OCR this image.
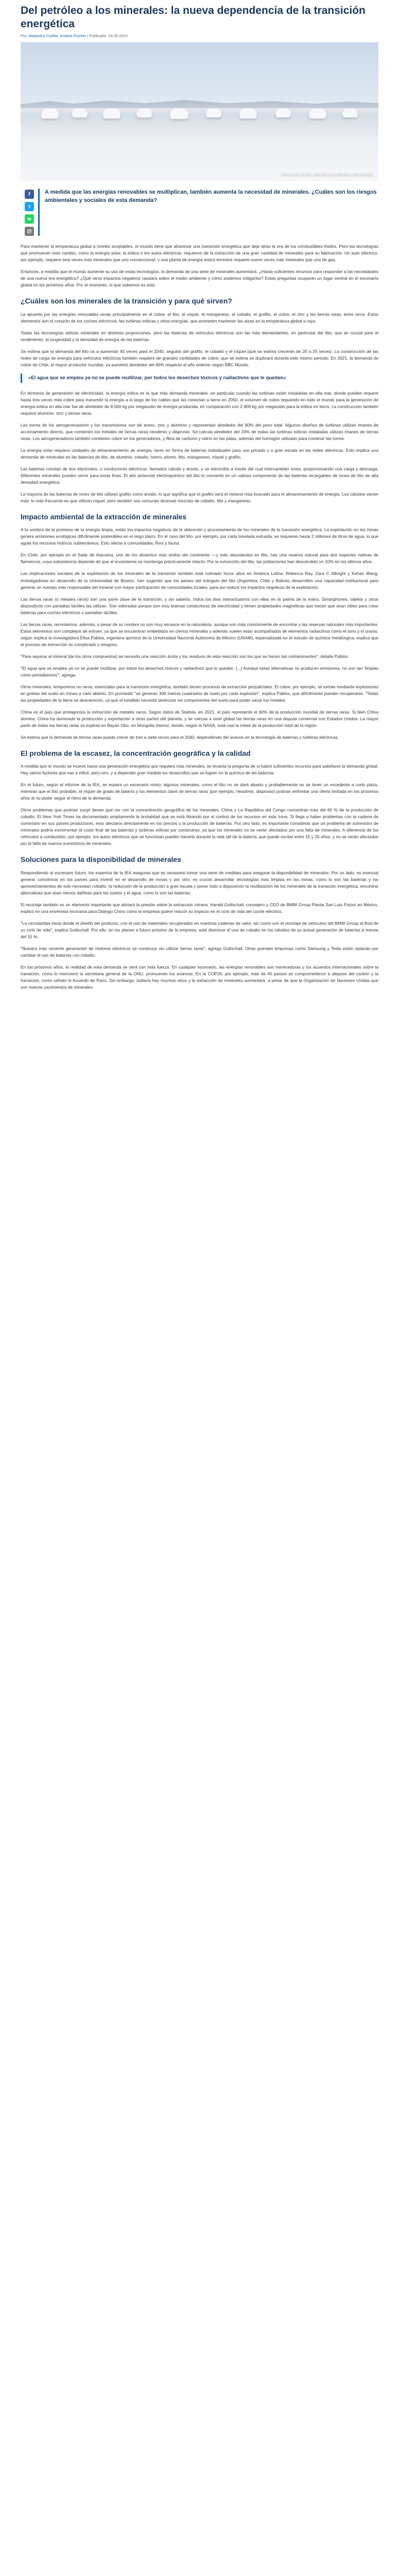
Del petróleo a los minerales: la nueva dependencia de la transición energética
Por: Alejandra Cuellar, Andrea Fischer | Publicado: 28.06.2023
Producción de litio, salar de Uyuni (Bolivia) / Shutterstock
f
t
w
@
A medida que las energías renovables se multiplican, también aumenta la necesidad de minerales. ¿Cuáles son los riesgos ambientales y sociales de esta demanda?

Para mantener la temperatura global a niveles aceptables, el mundo tiene que atravesar una transición energética que deje atrás la era de los combustibles fósiles. Pero las tecnologías que promueven este cambio, como la energía solar, la eólica o los autos eléctricos, requieren de la extracción de una gran cantidad de minerales para su fabricación. Un auto eléctrico, por ejemplo, requiere seis veces más minerales que uno convencional, y una planta de energía eólica terrestre requiere nueve veces más minerales que una de gas.

Entonces, a medida que el mundo aumente su uso de estas tecnologías, la demanda de una serie de minerales aumentará. ¿Hasta suficientes recursos para responder a las necesidades de una nueva era energética? ¿Qué otros impactos negativos causará sobre el medio ambiente y cómo podemos mitigarlos? Estas preguntas ocuparán un lugar central en el escenario global en los próximos años. Por el momento, lo que sabemos es esto.

¿Cuáles son los minerales de la transición y para qué sirven?

La apuesta por las energías renovables recae principalmente en el cobre, el litio, el níquel, el manganeso, el cobalto, el grafito, el cobre, el zinc y las tierras raras, entre otros. Estos elementos son el corazón de los coches eléctricos, las turbinas eólicas y otras energías, que prometen mantener las alzas en la temperatura global a raya.

Todas las tecnologías utilizan minerales en distintas proporciones, pero las baterías de vehículos eléctricos son las más demandantes, en particular del litio, que se crucial para el rendimiento, la longevidad y la densidad de energía de las baterías.

Se estima que la demanda del litio va a aumentar 40 veces para el 2040, seguido del grafito, el cobalto y el níquel (que se estima crecerán de 20 a 25 veces). La construcción de las redes de carga de energía para vehículos eléctricos también requiere de grandes cantidades de cobre, que se estima se duplicará durante este mismo periodo. En 2021, la demanda de cobre de Chile, el mayor productor mundial, ya aumentó alrededor del 80% respecto al año anterior según BBC Mundo.

«El agua que se emplea ya no se puede reutilizar, por todos los desechos tóxicos y radiactivos que le quedan»

En términos de generación de electricidad, la energía eólica es la que más demanda minerales, en particular cuando las turbinas están instaladas en alta mar, donde pueden requerir hasta tres veces más cobre para transmitir la energía a lo largo de los cables que las conectan a tierra en 2050, el volumen de cobre requerido en todo el mundo para la generación de energía eólica en alta mar fue de alrededor de 8.500 kg por megavatio de energía producida, en comparación con 2.900 kg por megavatio para la eólica en tierra. La construcción también requiere aluminio, zinc y tierras raras.

Las torres de los aerogeneradores y los transmisores son de acero, zinc y aluminio y representan alrededor del 80% del peso total. Algunos diseños de turbinas utilizan imanes de accionamiento directo, que contienen los metales de tierras raras neodimio y disprosio. Se calcula alrededor del 20% de todas las turbinas eólicas instaladas utilizan imanes de tierras raras. Los aerogeneradores también contienen cobre en los generadores, y fibra de carbono y vidrio en las palas, además del hormigón utilizado para construir las torres.

La energía solar requiere unidades de almacenamiento de energía, tanto en forma de baterías individuales para uso privado y a gran escala en las redes eléctricas. Esto implica una demanda de minerales en las baterías de litio, de aluminio, cobalto, hierro, plomo, litio, manganeso, níquel y grafito.

Las baterías constan de dos electrodos, o conductores eléctricos, llamados cátodo y ánodo, y un electrolito a través del cual intercambian iones, proporcionando una carga y descarga. Diferentes minerales pueden servir para estas fines. El alto potencial electroquímico del litio lo convierte en un valioso componente de las baterías recargables de iones de litio de alta densidad energética.

La mayoría de las baterías de iones de litio utilizan grafito como ánodo, lo que significa que el grafito será el mineral más buscado para el almacenamiento de energía. Los cátodos varían más: lo más frecuente es que utilicen níquel, pero también son comunes diversas mezclas de cobalto, litio y manganeso.

Impacto ambiental de la extracción de minerales

A la sombra de la promesa de la energía limpia, están los impactos negativos de la obtención y procesamiento de los minerales de la transición energética. La explotación en las minas genera emisiones ecológicas difícilmente sostenibles en el largo plazo. En el caso del litio, por ejemplo, por cada tonelada extraída, se requieren hasta 2 millones de litros de agua, lo que agota los recursos hídricos subterráneos. Esto afecta a comunidades, flora y fauna.

En Chile, por ejemplo en el Salar de Atacama, uno de los desiertos más áridos del continente —y más abundantes en litio, hay una reserva natural para dos especies nativas de flamencos, cuya subsistencia depende de que el ecosistema se mantenga prácticamente intacto. Por la extracción del litio, las poblaciones han descendido un 10% en los últimos años.

Las implicaciones sociales de la explotación de los minerales de la transición también está colmado focos altos en América Latina. Rebecca Ray, Zara C Albright y Kehan Wang, investigadoras en desarrollo de la Universidad de Boston, han sugerido que los países del triángulo del litio (Argentina, Chile y Bolivia) desarrollen una capacidad institucional para generar un manejo más responsable del mineral con mayor participación de comunidades locales, para así reducir los impactos negativos de la explotación.

Las tierras raras (o metales raros) son una parte clave de la transición, y sin saberlo, todos los días interactuamos con ellas en la palma de la mano. Smartphones, tablets y otros dispositivos con pantallas táctiles las utilizan. Son valoradas porque son muy buenas conductoras de electricidad y tienen propiedades magnéticas que hacen que sean útiles para crear baterías para coches eléctricos o pantallas táctiles.

Las tierras raras, recordemos, además, a pesar de su nombre no son muy escasos en la naturaleza, aunque son más comúnmente de encontrar y las reservas naturales más importantes. Estos elementos son complejos de extraer, ya que se encuentran embebidos en ciertos minerales y además suelen estar acompañados de elementos radiactivos como el torio y el uranio, según explica la investigadora Elisa Pablos, ingeniera química de la Universidad Nacional Autónoma de México (UNAM), especializada en el estudio de química metalúrgica, explica que el proceso de extracción es complicado y riesgoso.

"Para separar al mineral [de los otros compuestos] se necesita una reacción ácida y los residuos de esta reacción son los que se hacen tan contaminantes", detalla Pablos.

"El agua que se emplea ya no se puede reutilizar, por todos los desechos tóxicos y radiactivos que le quedan. [...] Aunque estas alternativas no producen emisiones, no son tan 'limpias como pensábamos'", agrega.

Otros minerales, temporeros no raros, esenciales para la transición energética, también tienen procesos de extracción perjudiciales. El cobre, por ejemplo, se extrae mediante explosiones en grietas del suelo en minas a cielo abierto. En promedio "se generan 300 metros cuadrados de suelo por cada explosión", explica Pablos, que difícilmente pueden recuperarse. "Todas las propiedades de la tierra se desvanecen, ya que el estallido necesita destrozar los componentes del suelo para poder sacar los metales.

China es el país que protagoniza la extracción de metales raros. Según datos de Statista, en 2021, el país representó el 60% de la producción mundial de tierras raras. Si bien China domina, China ha dominado la producción y exportación a otras partes del planeta, y se calcula a nivel global las tierras raras en una disputa comercial con Estados Unidos. La mayor parte de todas las tierras raras se explota en Bayan Obo, en Mongolia Interior, donde, según la NASA, está casi la mitad de la producción total de la región.

Se estima que la demanda de tierras raras puede crecer de tres a siete veces para el 2040, dependiendo del avance en la tecnología de baterías y turbinas eléctricas.

El problema de la escasez, la concentración geográfica y la calidad

A medida que el mundo se mueve hacia una generación energética que requiere más minerales, se levanta la pregunta de si habrá suficientes recursos para satisfacer la demanda global. Hay varios factores que van a influir, pero uno, y a depender gran medida los desarrollos que se logren en la química de las baterías.

En el futuro, según el informe de la IEA, se espera un escenario mixto: algunos minerales, como el litio no se dará abasto y probablemente no se tener un excedente a corto plazo, mientras que el litio probable, el níquel de grado de batería y los elementos clave de tierras raras (por ejemplo, neodimio, disprosio) podrían enfrentar una oferta limitada en los próximos años al no poder seguir el ritmo de la demanda.

Otros problemas que podrían surgir tienen que ver con la concentración geográfica de los minerales. China y La República del Congo concentran más del 60 % de la producción de cobalto, El New York Times ha documentado ampliamente la brutalidad que se está librando por el control de los recursos en esta zona. Si llega a haber problemas con la cadena de suministro en sus países productores, esto afectaría directamente en los precios y la producción de baterías. Por otro lado, es importante considerar que un problema de suministro de minerales podría incrementar el costo final de las baterías y turbinas eólicas por construirse, ya que los minerales no se verán afectados por una falta de minerales. A diferencia de los vehículos a combustión, por ejemplo, los autos eléctricos que se funcionan pueden hacerlo durante la vida útil de la batería, que puede oscilar entre 15 y 20 años, y no se verán afectados por la falta de nuevos suministros de minerales.

Soluciones para la disponibilidad de minerales

Respondiendo al escenario futuro, los expertos de la IEA aseguran que es necesario tomar una serie de medidas para asegurar la disponibilidad de minerales. Por un lado, es esencial generar conciencia en los países para invertir en el desarrollo de minas y por otro, es crucial desarrollar tecnologías más limpias en las minas, como lo son las baterías y los aprovechamientos de solo necesitan cobalto, la reducción de la producción a gran escala y poner todo a disposición la reutilización de los minerales de la transición energética, encontrar alternativas que sean menos dañinas para los suelos y el agua, como lo son las baterías.

El reciclaje también es un elemento importante que aliviará la presión sobre la extracción minera. Harald Gottschall, consejero y CEO de BMW Group Planta San Luis Potosí en México, explicó en una entrevista exclusiva para Diálogo Chino cómo la empresa quiere reducir su impacto en el ciclo de vida del coche eléctrico.

"La circularidad inicia desde el diseño del producto, con el uso de materiales recuperados en nuestras cadenas de valor, así como con el reciclaje de vehículos del BMW Group al final de su ciclo de vida", explica Gottschall. Por ello, en los planes a futuro próximo de la empresa, está disminuir el uso de cobalto en los cátodos de su actual generación de baterías a menos del 15 %.

"Nuestra más reciente generación de motores eléctricos se construye sin utilizar tierras raras", agrega Gottschall. Otras grandes empresas como Samsung y Tesla están optando por cambiar el uso de baterías con cobalto.

En los próximos años, la realidad de esta demanda se verá con más fuerza. En cualquier escenario, las energías renovables son merecedoras y los acuerdos internacionales sobre la transición, como lo mencionó la secretaria general de la ONU, promueven los avances. En la COP26, por ejemplo, más de 40 países se comprometieron a alejarse del carbón y la transición, como señaló el Acuerdo de París. Sin embargo, todavía hay muchos retos y la extracción de minerales aumentará, a pesar de que la Organización de Naciones Unidas que son nuevos yacimientos de minerales.
